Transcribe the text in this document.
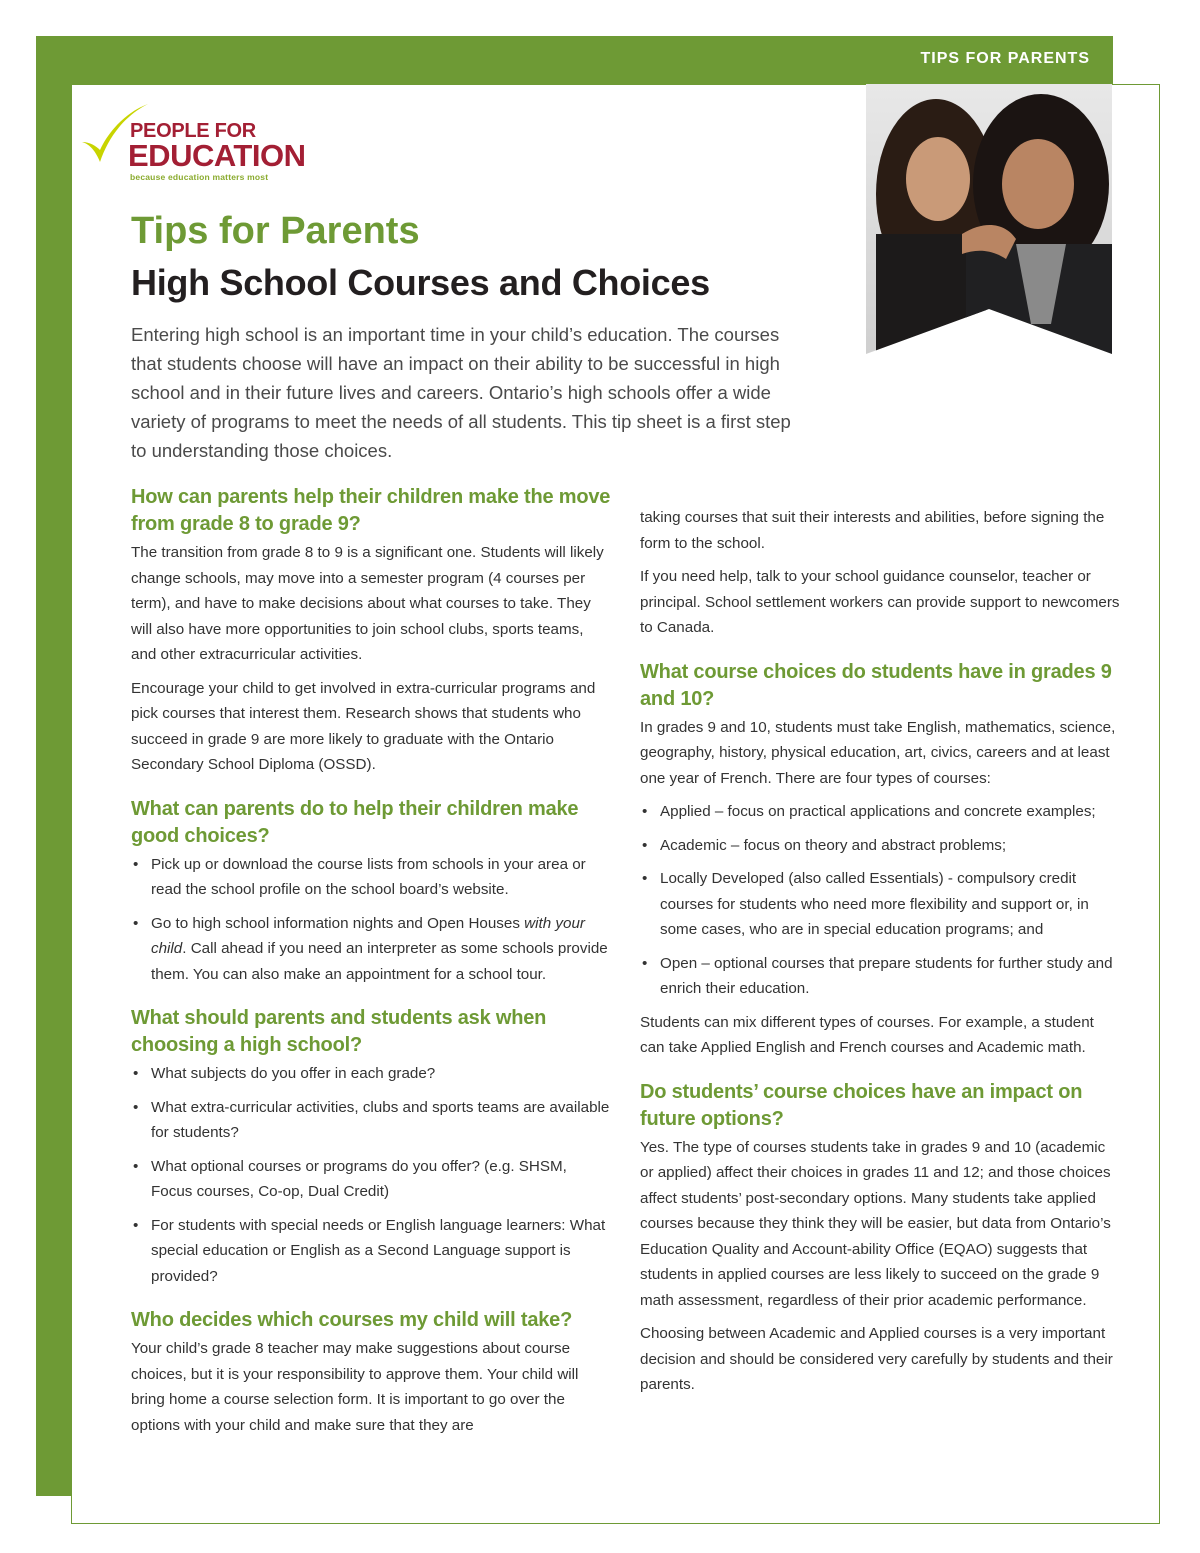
TIPS FOR PARENTS
PEOPLE FOR
EDUCATION
because education matters most
Tips for Parents
High School Courses and Choices

Entering high school is an important time in your child’s education. The courses that students choose will have an impact on their ability to be successful in high school and in their future lives and careers. Ontario’s high schools offer a wide variety of programs to meet the needs of all students. This tip sheet is a first step to understanding those choices.

How can parents help their children make the move from grade 8 to grade 9?

The transition from grade 8 to 9 is a significant one. Students will likely change schools, may move into a semester program (4 courses per term), and have to make decisions about what courses to take. They will also have more opportunities to join school clubs, sports teams, and other extracurricular activities.

Encourage your child to get involved in extra-curricular programs and pick courses that interest them. Research shows that students who succeed in grade 9 are more likely to graduate with the Ontario Secondary School Diploma (OSSD).

What can parents do to help their children make good choices?
• Pick up or download the course lists from schools in your area or read the school profile on the school board’s website.
• Go to high school information nights and Open Houses with your child. Call ahead if you need an interpreter as some schools provide them. You can also make an appointment for a school tour.
What should parents and students ask when choosing a high school?
• What subjects do you offer in each grade?
• What extra-curricular activities, clubs and sports teams are available for students?
• What optional courses or programs do you offer? (e.g. SHSM, Focus courses, Co-op, Dual Credit)
• For students with special needs or English language learners: What special education or English as a Second Language support is provided?
Who decides which courses my child will take?

Your child’s grade 8 teacher may make suggestions about course choices, but it is your responsibility to approve them. Your child will bring home a course selection form. It is important to go over the options with your child and make sure that they are

taking courses that suit their interests and abilities, before signing the form to the school.

If you need help, talk to your school guidance counselor, teacher or principal. School settlement workers can provide support to newcomers to Canada.

What course choices do students have in grades 9 and 10?

In grades 9 and 10, students must take English, mathematics, science, geography, history, physical education, art, civics, careers and at least one year of French. There are four types of courses:

• Applied – focus on practical applications and concrete examples;
• Academic – focus on theory and abstract problems;
• Locally Developed (also called Essentials) - compulsory credit courses for students who need more flexibility and support or, in some cases, who are in special education programs; and
• Open – optional courses that prepare students for further study and enrich their education.

Students can mix different types of courses. For example, a student can take Applied English and French courses and Academic math.

Do students’ course choices have an impact on future options?

Yes. The type of courses students take in grades 9 and 10 (academic or applied) affect their choices in grades 11 and 12; and those choices affect students’ post-secondary options. Many students take applied courses because they think they will be easier, but data from Ontario’s Education Quality and Account-ability Office (EQAO) suggests that students in applied courses are less likely to succeed on the grade 9 math assessment, regardless of their prior academic performance.

Choosing between Academic and Applied courses is a very important decision and should be considered very carefully by students and their parents.
